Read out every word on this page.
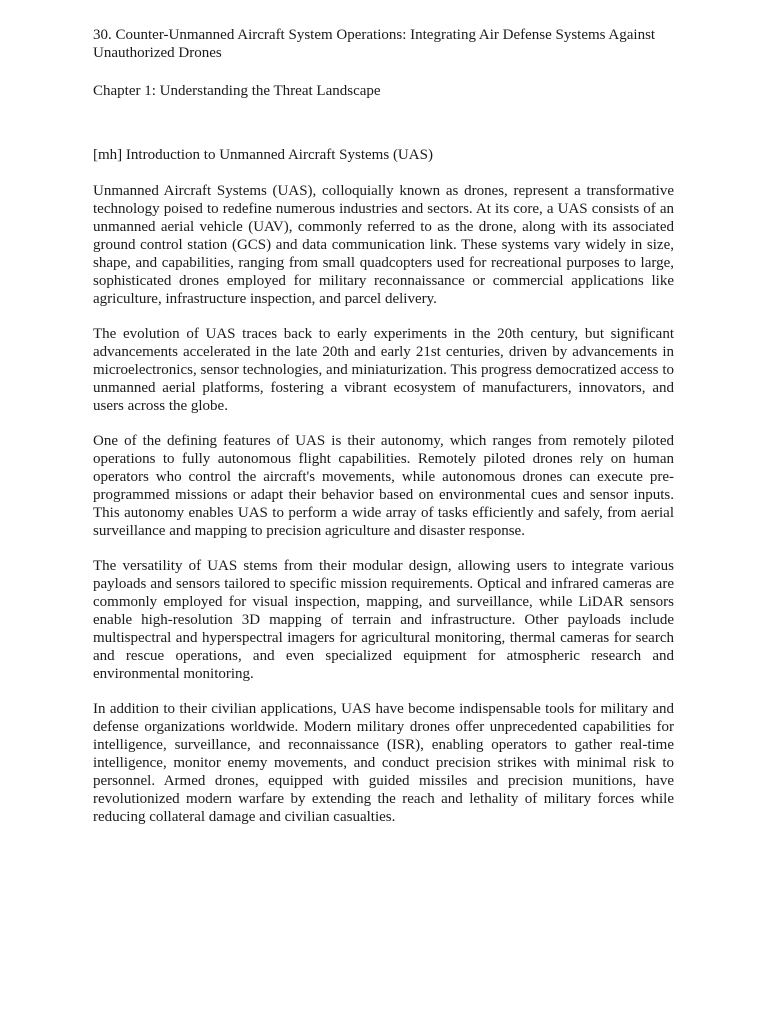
30. Counter-Unmanned Aircraft System Operations: Integrating Air Defense Systems Against Unauthorized Drones
Chapter 1: Understanding the Threat Landscape
[mh] Introduction to Unmanned Aircraft Systems (UAS)

Unmanned Aircraft Systems (UAS), colloquially known as drones, represent a transformative technology poised to redefine numerous industries and sectors. At its core, a UAS consists of an unmanned aerial vehicle (UAV), commonly referred to as the drone, along with its associated ground control station (GCS) and data communication link. These systems vary widely in size, shape, and capabilities, ranging from small quadcopters used for recreational purposes to large, sophisticated drones employed for military reconnaissance or commercial applications like agriculture, infrastructure inspection, and parcel delivery.

The evolution of UAS traces back to early experiments in the 20th century, but significant advancements accelerated in the late 20th and early 21st centuries, driven by advancements in microelectronics, sensor technologies, and miniaturization. This progress democratized access to unmanned aerial platforms, fostering a vibrant ecosystem of manufacturers, innovators, and users across the globe.

One of the defining features of UAS is their autonomy, which ranges from remotely piloted operations to fully autonomous flight capabilities. Remotely piloted drones rely on human operators who control the aircraft's movements, while autonomous drones can execute pre-programmed missions or adapt their behavior based on environmental cues and sensor inputs. This autonomy enables UAS to perform a wide array of tasks efficiently and safely, from aerial surveillance and mapping to precision agriculture and disaster response.

The versatility of UAS stems from their modular design, allowing users to integrate various payloads and sensors tailored to specific mission requirements. Optical and infrared cameras are commonly employed for visual inspection, mapping, and surveillance, while LiDAR sensors enable high-resolution 3D mapping of terrain and infrastructure. Other payloads include multispectral and hyperspectral imagers for agricultural monitoring, thermal cameras for search and rescue operations, and even specialized equipment for atmospheric research and environmental monitoring.

In addition to their civilian applications, UAS have become indispensable tools for military and defense organizations worldwide. Modern military drones offer unprecedented capabilities for intelligence, surveillance, and reconnaissance (ISR), enabling operators to gather real-time intelligence, monitor enemy movements, and conduct precision strikes with minimal risk to personnel. Armed drones, equipped with guided missiles and precision munitions, have revolutionized modern warfare by extending the reach and lethality of military forces while reducing collateral damage and civilian casualties.
